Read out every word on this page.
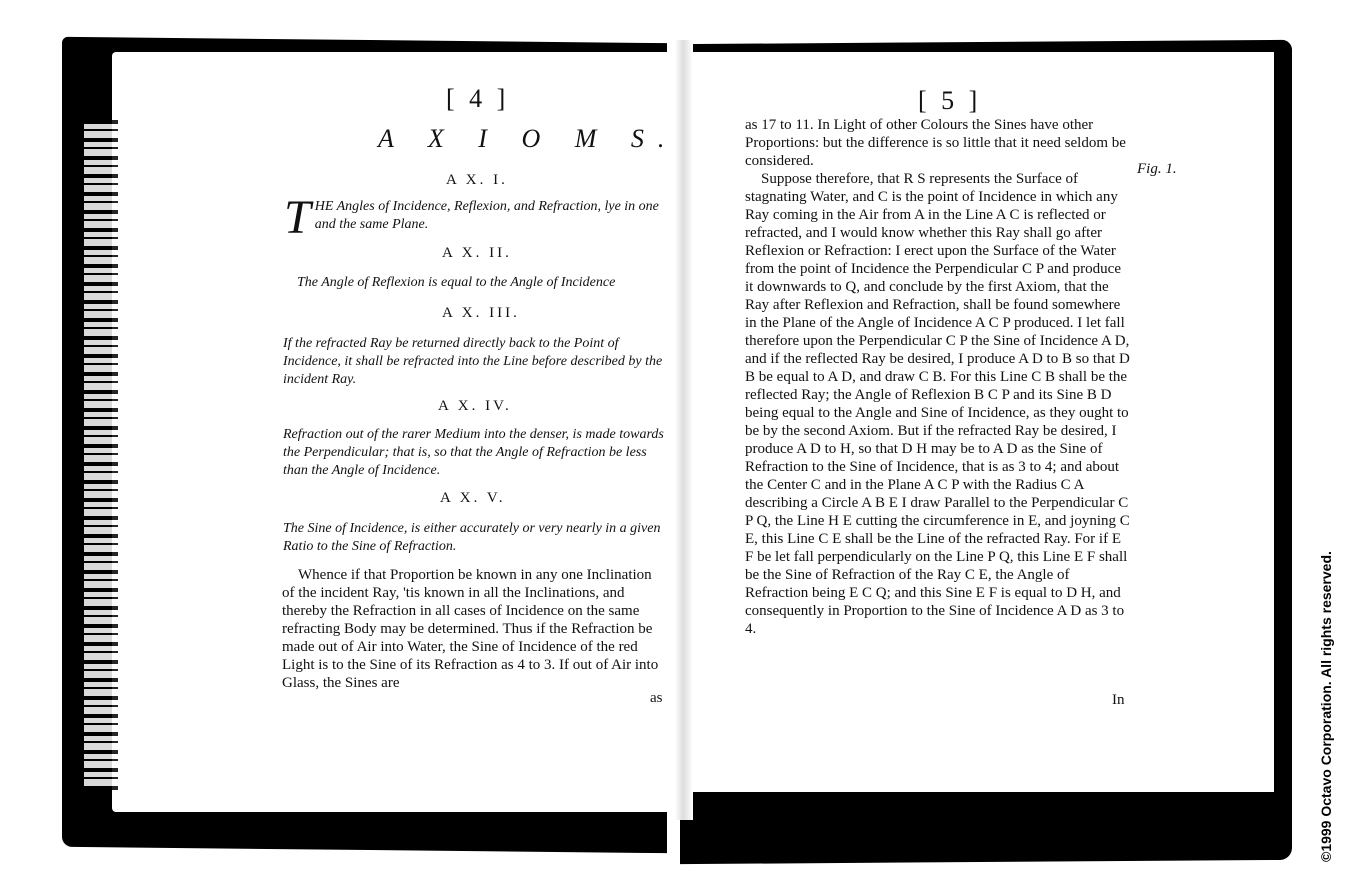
[ 4 ]
A X I O M S.
A X. I.
THE Angles of Incidence, Reflexion, and Refraction, lye in one and the same Plane.
A X. II.
The Angle of Reflexion is equal to the Angle of Incidence
A X. III.
If the refracted Ray be returned directly back to the Point of Incidence, it shall be refracted into the Line before described by the incident Ray.
A X. IV.
Refraction out of the rarer Medium into the denser, is made towards the Perpendicular; that is, so that the Angle of Refraction be less than the Angle of Incidence.
A X. V.
The Sine of Incidence, is either accurately or very nearly in a given Ratio to the Sine of Refraction.
Whence if that Proportion be known in any one Inclination of the incident Ray, 'tis known in all the Inclinations, and thereby the Refraction in all cases of Incidence on the same refracting Body may be determined. Thus if the Refraction be made out of Air into Water, the Sine of Incidence of the red Light is to the Sine of its Refraction as 4 to 3. If out of Air into Glass, the Sines are
as
[ 5 ]
as 17 to 11. In Light of other Colours the Sines have other Proportions: but the difference is so little that it need seldom be considered.
Suppose therefore, that R S represents the Surface of stagnating Water, and C is the point of Incidence in which any Ray coming in the Air from A in the Line A C is reflected or refracted, and I would know whether this Ray shall go after Reflexion or Refraction: I erect upon the Surface of the Water from the point of Incidence the Perpendicular C P and produce it downwards to Q, and conclude by the first Axiom, that the Ray after Reflexion and Refraction, shall be found somewhere in the Plane of the Angle of Incidence A C P produced. I let fall therefore upon the Perpendicular C P the Sine of Incidence A D, and if the reflected Ray be desired, I produce A D to B so that D B be equal to A D, and draw C B. For this Line C B shall be the reflected Ray; the Angle of Reflexion B C P and its Sine B D being equal to the Angle and Sine of Incidence, as they ought to be by the second Axiom. But if the refracted Ray be desired, I produce A D to H, so that D H may be to A D as the Sine of Refraction to the Sine of Incidence, that is as 3 to 4; and about the Center C and in the Plane A C P with the Radius C A describing a Circle A B E I draw Parallel to the Perpendicular C P Q, the Line H E cutting the circumference in E, and joyning C E, this Line C E shall be the Line of the refracted Ray. For if E F be let fall perpendicularly on the Line P Q, this Line E F shall be the Sine of Refraction of the Ray C E, the Angle of Refraction being E C Q; and this Sine E F is equal to D H, and consequently in Proportion to the Sine of Incidence A D as 3 to 4.
Fig. 1.
In	©1999 Octavo Corporation. All rights reserved.
